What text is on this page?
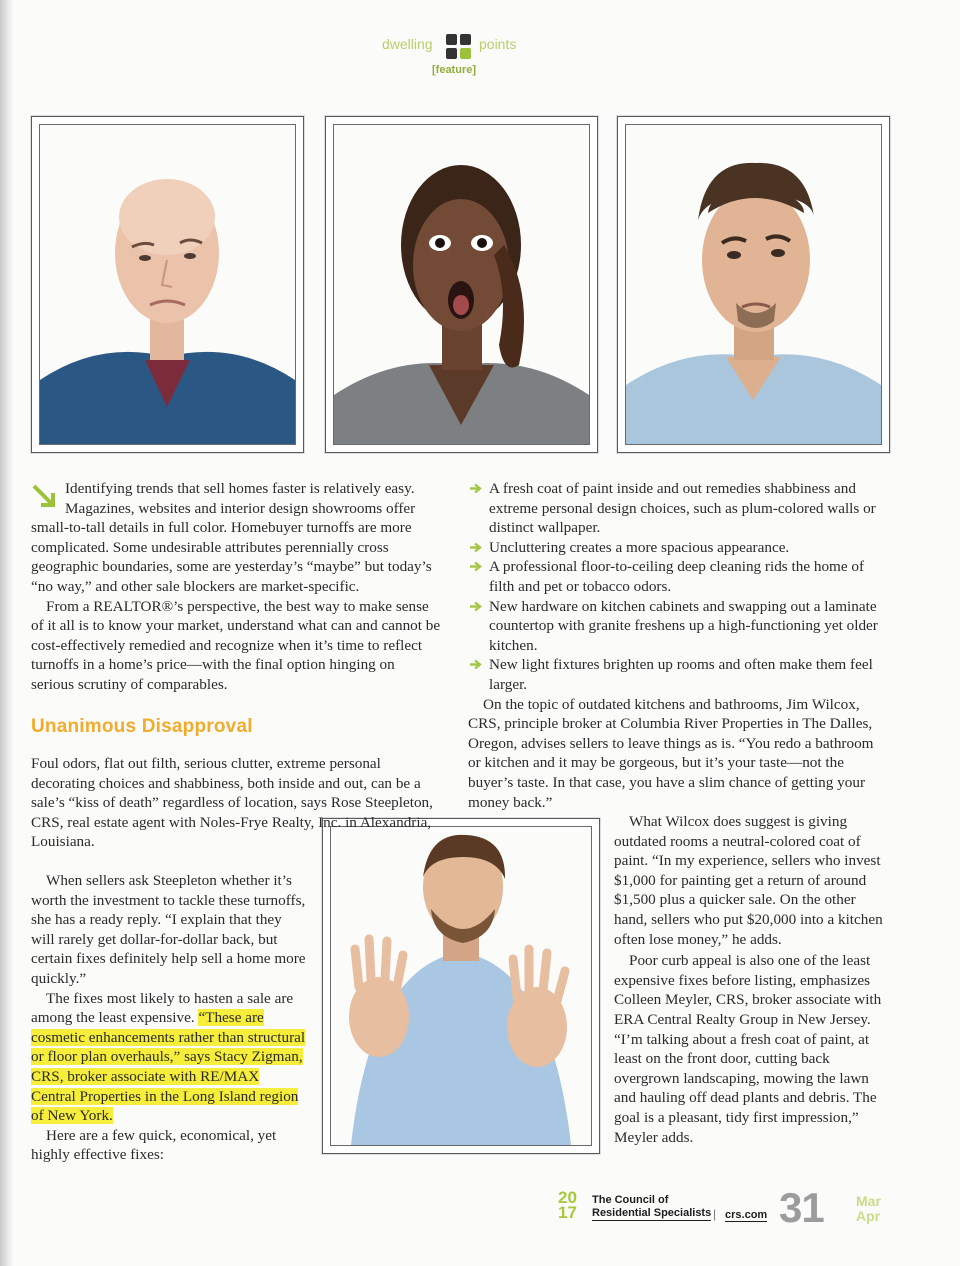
dwelling	points
[feature]

Identifying trends that sell homes faster is relatively easy. Magazines, websites and interior design showrooms offer small-to-tall details in full color. Homebuyer turnoffs are more complicated. Some undesirable attributes perennially cross geographic boundaries, some are yesterday’s “maybe” but today’s “no way,” and other sale blockers are market-specific.

From a REALTOR®’s perspective, the best way to make sense of it all is to know your market, understand what can and cannot be cost-effectively remedied and recognize when it’s time to reflect turnoffs in a home’s price—with the final option hinging on serious scrutiny of comparables.

Unanimous Disapproval

Foul odors, flat out filth, serious clutter, extreme personal decorating choices and shabbiness, both inside and out, can be a sale’s “kiss of death” regardless of location, says Rose Steepleton, CRS, real estate agent with Noles-Frye Realty, Inc. in Alexandria, Louisiana.

When sellers ask Steepleton whether it’s worth the investment to tackle these turnoffs, she has a ready reply. “I explain that they will rarely get dollar-for-dollar back, but certain fixes definitely help sell a home more quickly.”

The fixes most likely to hasten a sale are among the least expensive. “These are cosmetic enhancements rather than structural or floor plan overhauls,” says Stacy Zigman, CRS, broker associate with RE/MAX Central Properties in the Long Island region of New York.

Here are a few quick, economical, yet highly effective fixes:

A fresh coat of paint inside and out remedies shabbiness and extreme personal design choices, such as plum-colored walls or distinct wallpaper.

Uncluttering creates a more spacious appearance.

A professional floor-to-ceiling deep cleaning rids the home of filth and pet or tobacco odors.

New hardware on kitchen cabinets and swapping out a laminate countertop with granite freshens up a high-functioning yet older kitchen.

New light fixtures brighten up rooms and often make them feel larger.

On the topic of outdated kitchens and bathrooms, Jim Wilcox, CRS, principle broker at Columbia River Properties in The Dalles, Oregon, advises sellers to leave things as is. “You redo a bathroom or kitchen and it may be gorgeous, but it’s your taste—not the buyer’s taste. In that case, you have a slim chance of getting your money back.”

What Wilcox does suggest is giving outdated rooms a neutral-colored coat of paint. “In my experience, sellers who invest $1,000 for painting get a return of around $1,500 plus a quicker sale. On the other hand, sellers who put $20,000 into a kitchen often lose money,” he adds.

Poor curb appeal is also one of the least expensive fixes before listing, emphasizes Colleen Meyler, CRS, broker associate with ERA Central Realty Group in New Jersey. “I’m talking about a fresh coat of paint, at least on the front door, cutting back overgrown landscaping, mowing the lawn and hauling off dead plants and debris. The goal is a pleasant, tidy first impression,” Meyler adds.

20
17
The Council of
Residential Specialists | crs.com 31 Mar
Apr
